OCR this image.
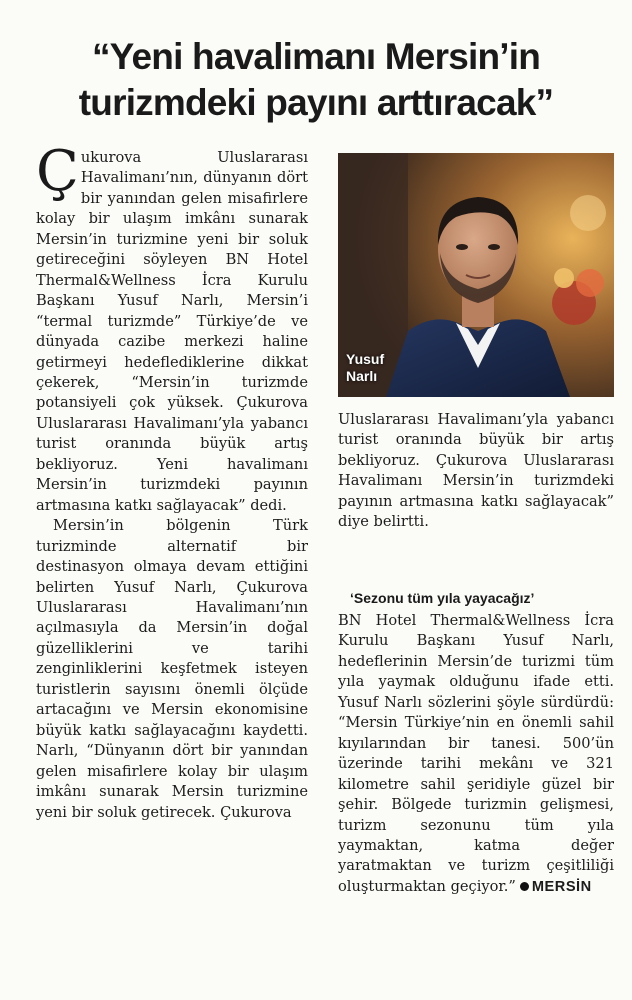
“Yeni havalimanı Mersin’in
turizmdeki payını arttıracak”

Çukurova Uluslararası Havalimanı’nın, dünyanın dört bir yanından gelen misafirlere kolay bir ulaşım imkânı sunarak Mersin’in turizmine yeni bir soluk getireceğini söyleyen BN Hotel Thermal&Wellness İcra Kurulu Başkanı Yusuf Narlı, Mersin’i “termal turizmde” Türkiye’de ve dünyada cazibe merkezi haline getirmeyi hedeflediklerine dikkat çekerek, “Mersin’in turizmde potansiyeli çok yüksek. Çukurova Uluslararası Havalimanı’yla yabancı turist oranında büyük artış bekliyoruz. Yeni havalimanı Mersin’in turizmdeki payının artmasına katkı sağlayacak” dedi.

Mersin’in bölgenin Türk turizminde alternatif bir destinasyon olmaya devam ettiğini belirten Yusuf Narlı, Çukurova Uluslararası Havalimanı’nın açılmasıyla da Mersin’in doğal güzelliklerini ve tarihi zenginliklerini keşfetmek isteyen turistlerin sayısını önemli ölçüde artacağını ve Mersin ekonomisine büyük katkı sağlayacağını kaydetti. Narlı, “Dünyanın dört bir yanından gelen misafirlere kolay bir ulaşım imkânı sunarak Mersin turizmine yeni bir soluk getirecek. Çukurova

Yusuf
Narlı

Uluslararası Havalimanı’yla yabancı turist oranında büyük bir artış bekliyoruz. Çukurova Uluslararası Havalimanı Mersin’in turizmdeki payının artmasına katkı sağlayacak” diye belirtti.

‘Sezonu tüm yıla yayacağız’

BN Hotel Thermal&Wellness İcra Kurulu Başkanı Yusuf Narlı, hedeflerinin Mersin’de turizmi tüm yıla yaymak olduğunu ifade etti. Yusuf Narlı sözlerini şöyle sürdürdü: “Mersin Türkiye’nin en önemli sahil kıyılarından bir tanesi. 500’ün üzerinde tarihi mekânı ve 321 kilometre sahil şeridiyle güzel bir şehir. Bölgede turizmin gelişmesi, turizm sezonunu tüm yıla yaymaktan, katma değer yaratmaktan ve turizm çeşitliliği oluşturmaktan geçiyor.” MERSİN
